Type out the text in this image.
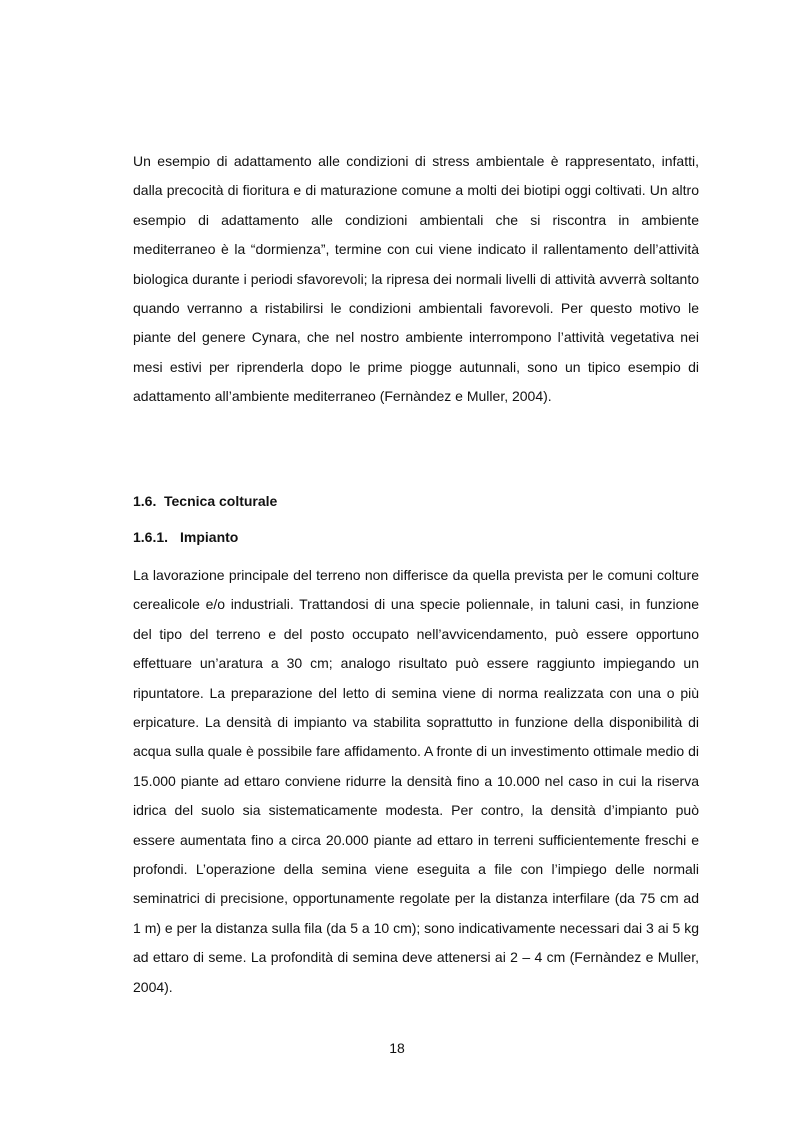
Un esempio di adattamento alle condizioni di stress ambientale è rappresentato, infatti, dalla precocità di fioritura e di maturazione comune a molti dei biotipi oggi coltivati. Un altro esempio di adattamento alle condizioni ambientali che si riscontra in ambiente mediterraneo è la “dormienza”, termine con cui viene indicato il rallentamento dell’attività biologica durante i periodi sfavorevoli; la ripresa dei normali livelli di attività avverrà soltanto quando verranno a ristabilirsi le condizioni ambientali favorevoli. Per questo motivo le piante del genere Cynara, che nel nostro ambiente interrompono l’attività vegetativa nei mesi estivi per riprenderla dopo le prime piogge autunnali, sono un tipico esempio di adattamento all’ambiente mediterraneo (Fernàndez e Muller, 2004).

1.6. Tecnica colturale
1.6.1. Impianto

La lavorazione principale del terreno non differisce da quella prevista per le comuni colture cerealicole e/o industriali. Trattandosi di una specie poliennale, in taluni casi, in funzione del tipo del terreno e del posto occupato nell’avvicendamento, può essere opportuno effettuare un’aratura a 30 cm; analogo risultato può essere raggiunto impiegando un ripuntatore. La preparazione del letto di semina viene di norma realizzata con una o più erpicature. La densità di impianto va stabilita soprattutto in funzione della disponibilità di acqua sulla quale è possibile fare affidamento. A fronte di un investimento ottimale medio di 15.000 piante ad ettaro conviene ridurre la densità fino a 10.000 nel caso in cui la riserva idrica del suolo sia sistematicamente modesta. Per contro, la densità d’impianto può essere aumentata fino a circa 20.000 piante ad ettaro in terreni sufficientemente freschi e profondi. L’operazione della semina viene eseguita a file con l’impiego delle normali seminatrici di precisione, opportunamente regolate per la distanza interfilare (da 75 cm ad 1 m) e per la distanza sulla fila (da 5 a 10 cm); sono indicativamente necessari dai 3 ai 5 kg ad ettaro di seme. La profondità di semina deve attenersi ai 2 – 4 cm (Fernàndez e Muller, 2004).

18
